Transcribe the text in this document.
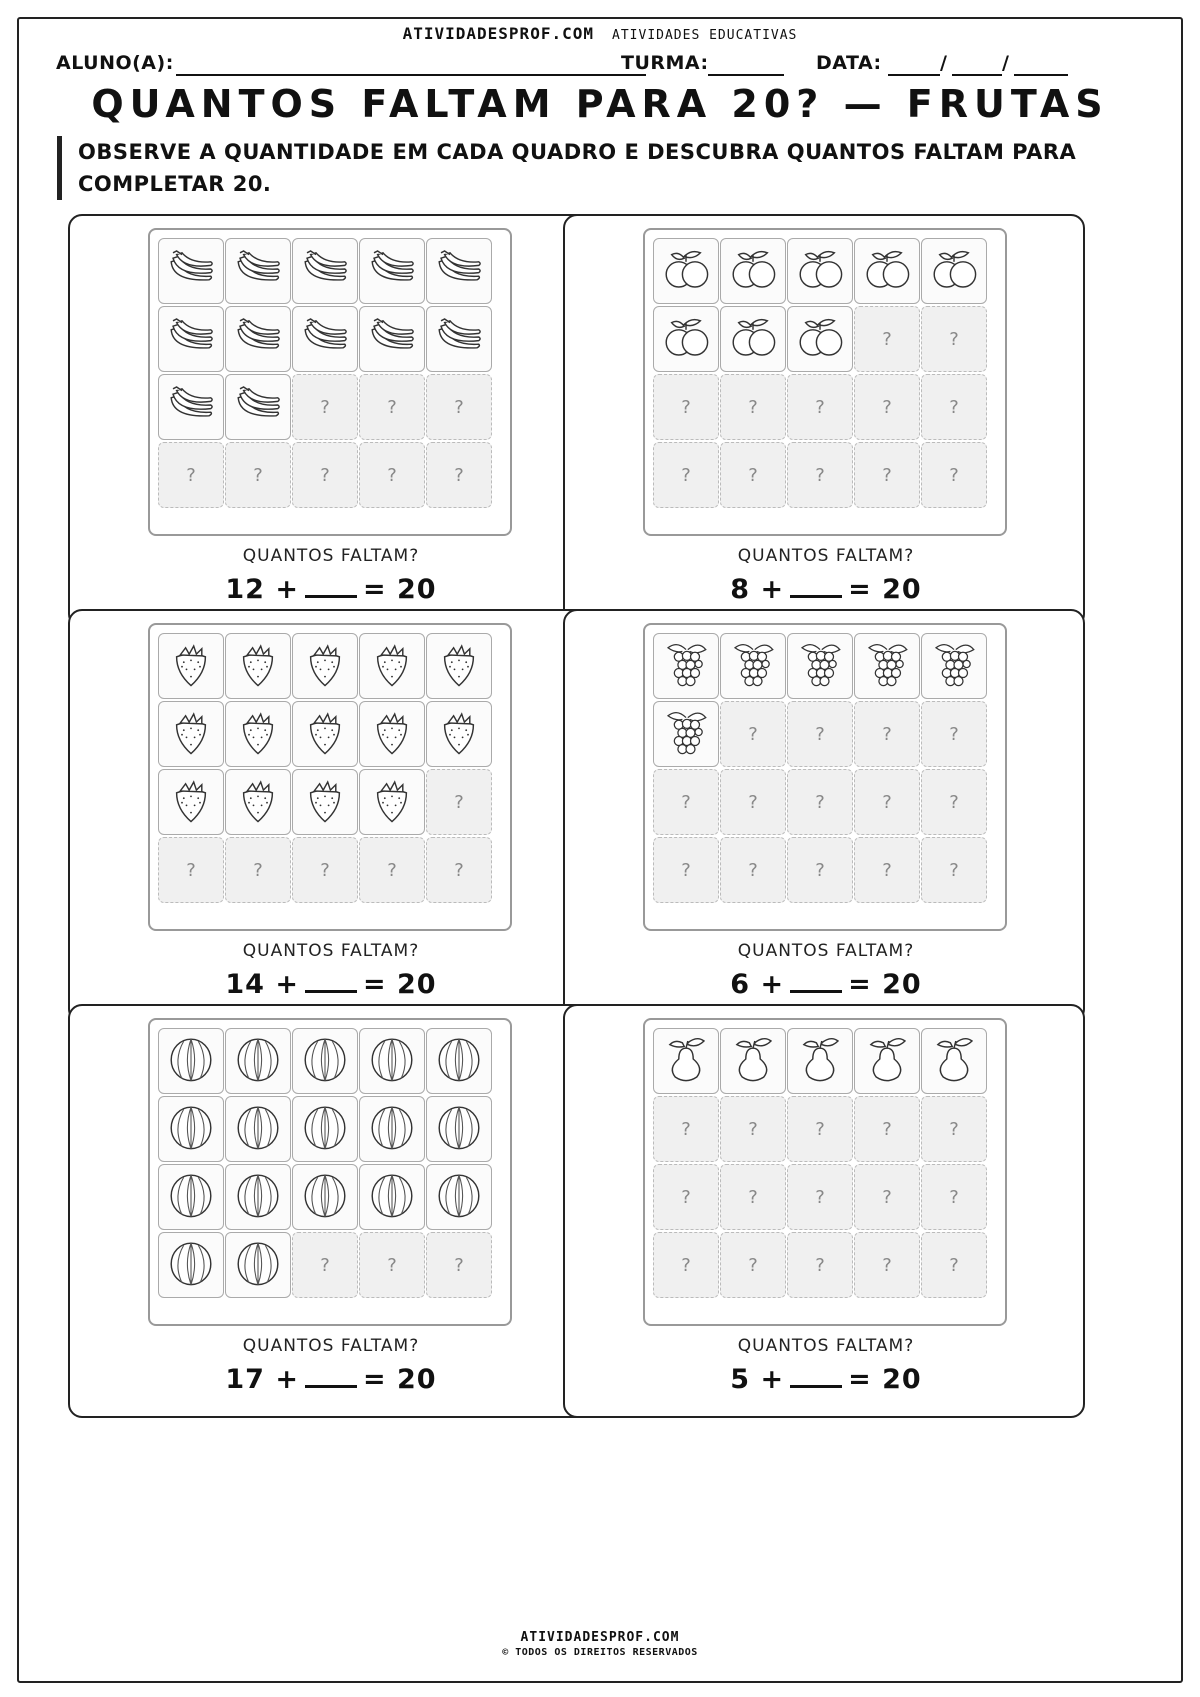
ATIVIDADESPROF.COM ATIVIDADES EDUCATIVAS
ALUNO(A):	TURMA:	DATA:	/	/
QUANTOS FALTAM PARA 20? — FRUTAS
OBSERVE A QUANTIDADE EM CADA QUADRO E DESCUBRA QUANTOS FALTAM PARA COMPLETAR 20.
?	?	?
?	?	?	?	?
QUANTOS FALTAM?
12 + = 20
?	?
?	?	?	?	?
?	?	?	?	?
QUANTOS FALTAM?
8 + = 20
?
?	?	?	?	?
QUANTOS FALTAM?
14 + = 20
?	?	?	?
?	?	?	?	?
?	?	?	?	?
QUANTOS FALTAM?
6 + = 20
?	?	?
QUANTOS FALTAM?
17 + = 20
?	?	?	?	?
?	?	?	?	?
?	?	?	?	?
QUANTOS FALTAM?
5 + = 20
ATIVIDADESPROF.COM
© TODOS OS DIREITOS RESERVADOS
